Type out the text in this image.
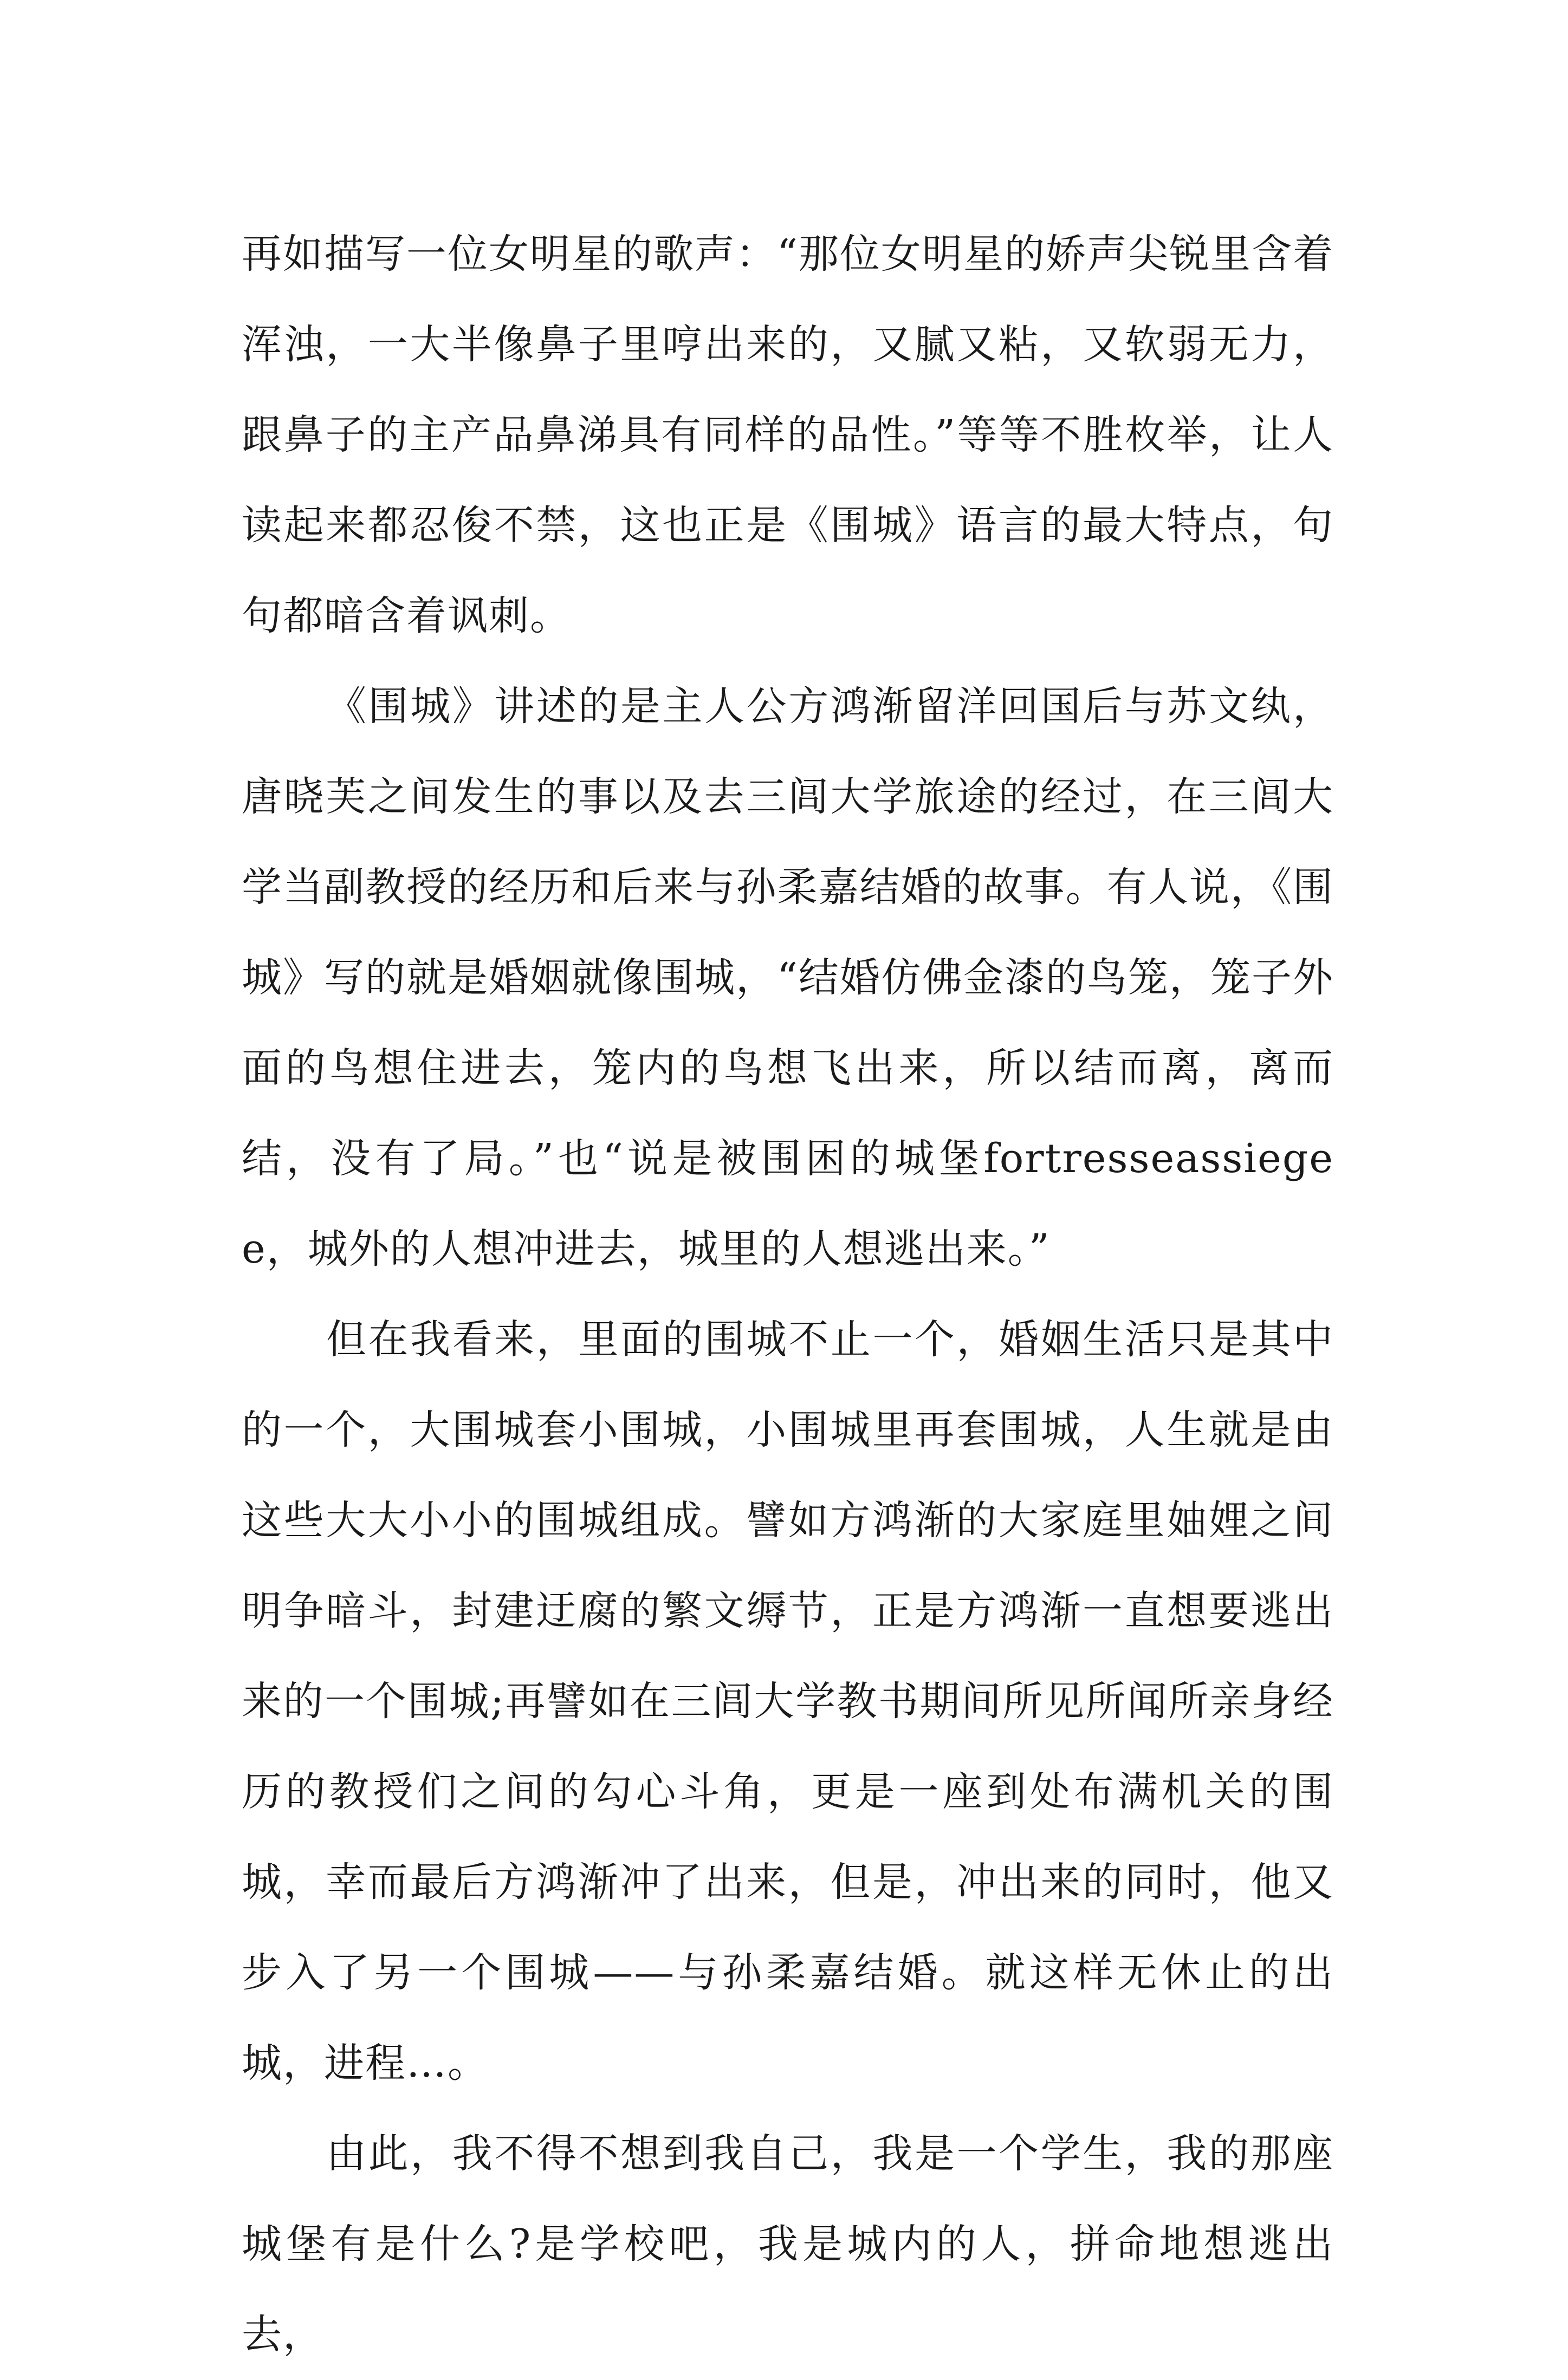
再如描写一位女明星的歌声：“那位女明星的娇声尖锐里含着浑浊，一大半像鼻子里哼出来的，又腻又粘，又软弱无力，跟鼻子的主产品鼻涕具有同样的品性。”等等不胜枚举，让人读起来都忍俊不禁，这也正是《围城》语言的最大特点，句句都暗含着讽刺。

《围城》讲述的是主人公方鸿渐留洋回国后与苏文纨，唐晓芙之间发生的事以及去三闾大学旅途的经过，在三闾大学当副教授的经历和后来与孙柔嘉结婚的故事。有人说，《围城》写的就是婚姻就像围城，“结婚仿佛金漆的鸟笼，笼子外面的鸟想住进去，笼内的鸟想飞出来，所以结而离，离而结，没有了局。”也“说是被围困的城堡fortresseassiegee，城外的人想冲进去，城里的人想逃出来。”

但在我看来，里面的围城不止一个，婚姻生活只是其中的一个，大围城套小围城，小围城里再套围城，人生就是由这些大大小小的围城组成。譬如方鸿渐的大家庭里妯娌之间明争暗斗，封建迂腐的繁文缛节，正是方鸿渐一直想要逃出来的一个围城;再譬如在三闾大学教书期间所见所闻所亲身经历的教授们之间的勾心斗角，更是一座到处布满机关的围城，幸而最后方鸿渐冲了出来，但是，冲出来的同时，他又步入了另一个围城——与孙柔嘉结婚。就这样无休止的出城，进程…。

由此，我不得不想到我自己，我是一个学生，我的那座城堡有是什么?是学校吧，我是城内的人，拼命地想逃出去，
